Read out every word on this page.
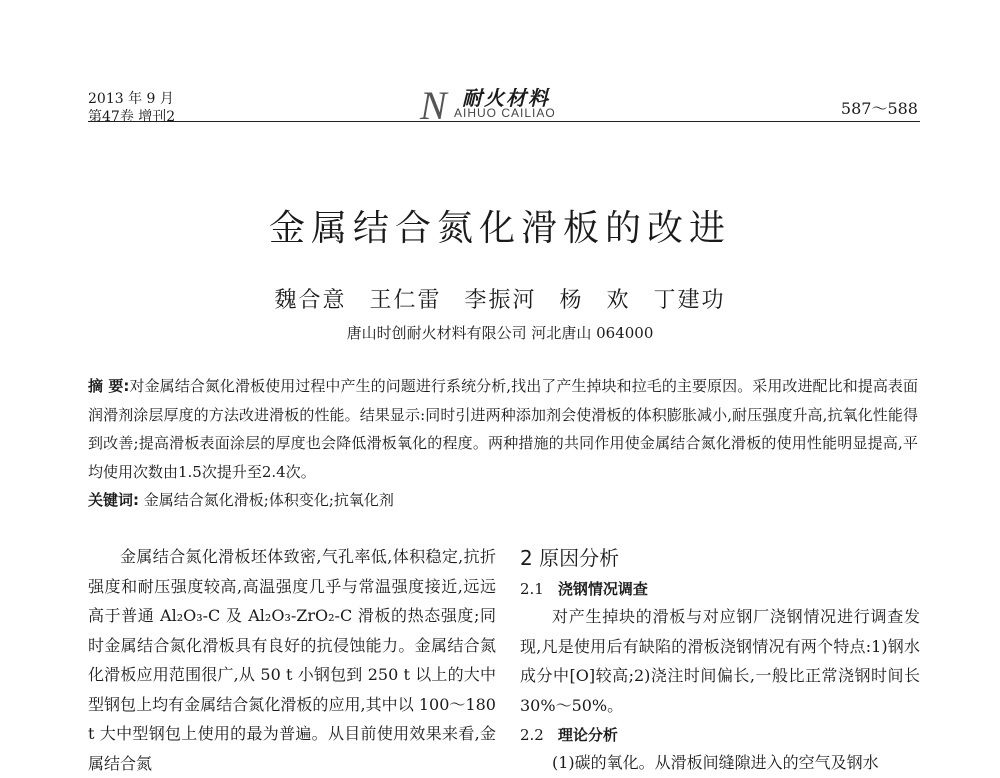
2013 年 9 月
第47卷 增刊2	N 耐火材料
AIHUO CAILIAO	587～588
金属结合氮化滑板的改进
魏合意 王仁雷 李振河 杨 欢 丁建功
唐山时创耐火材料有限公司 河北唐山 064000
摘 要:对金属结合氮化滑板使用过程中产生的问题进行系统分析,找出了产生掉块和拉毛的主要原因。采用改进配比和提高表面润滑剂涂层厚度的方法改进滑板的性能。结果显示:同时引进两种添加剂会使滑板的体积膨胀减小,耐压强度升高,抗氧化性能得到改善;提高滑板表面涂层的厚度也会降低滑板氧化的程度。两种措施的共同作用使金属结合氮化滑板的使用性能明显提高,平均使用次数由1.5次提升至2.4次。
关键词: 金属结合氮化滑板;体积变化;抗氧化剂

金属结合氮化滑板坯体致密,气孔率低,体积稳定,抗折强度和耐压强度较高,高温强度几乎与常温强度接近,远远高于普通 Al₂O₃-C 及 Al₂O₃-ZrO₂-C 滑板的热态强度;同时金属结合氮化滑板具有良好的抗侵蚀能力。金属结合氮化滑板应用范围很广,从 50 t 小钢包到 250 t 以上的大中型钢包上均有金属结合氮化滑板的应用,其中以 100～180 t 大中型钢包上使用的最为普遍。从目前使用效果来看,金属结合氮

2 原因分析
2.1 浇钢情况调查

对产生掉块的滑板与对应钢厂浇钢情况进行调查发现,凡是使用后有缺陷的滑板浇钢情况有两个特点:1)钢水成分中[O]较高;2)浇注时间偏长,一般比正常浇钢时间长 30%～50%。

2.2 理论分析

(1)碳的氧化。从滑板间缝隙进入的空气及钢水
